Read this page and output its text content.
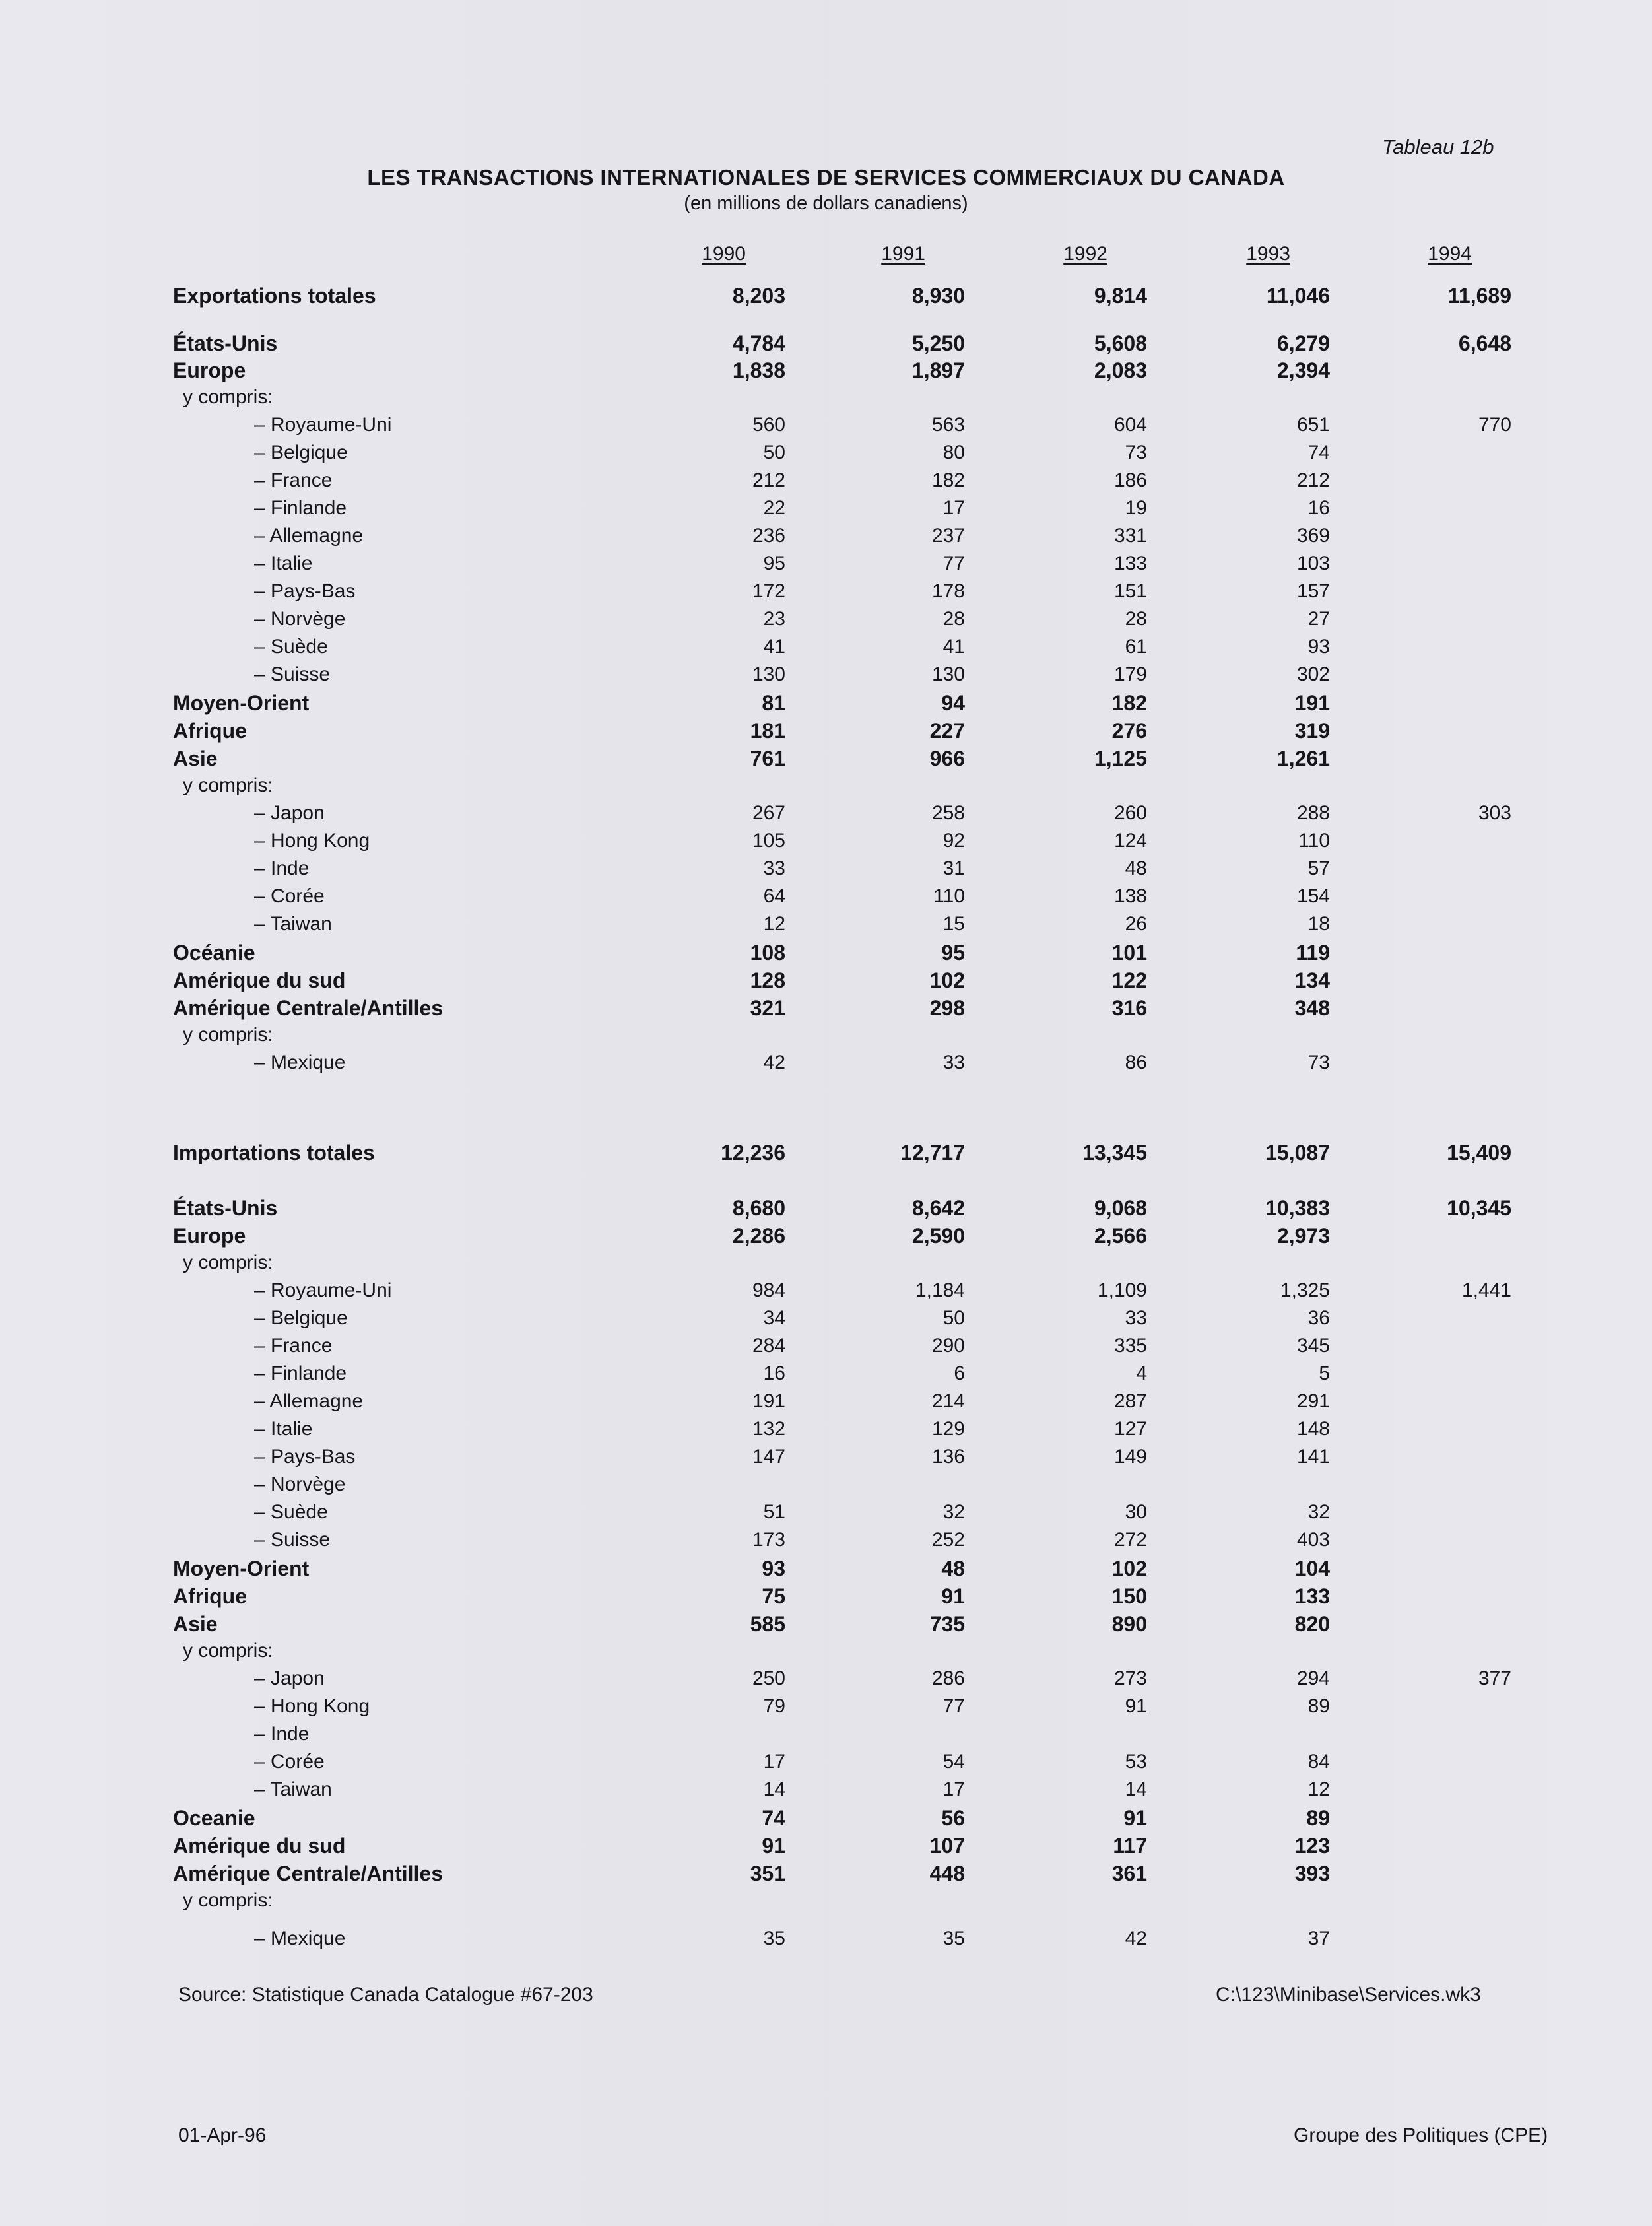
Tableau 12b
LES TRANSACTIONS INTERNATIONALES DE SERVICES COMMERCIAUX DU CANADA
(en millions de dollars canadiens)
1990	1991	1992	1993	1994
Exportations totales	8,203	8,930	9,814	11,046	11,689
États-Unis	4,784	5,250	5,608	6,279	6,648
Europe	1,838	1,897	2,083	2,394
y compris:
– Royaume-Uni	560	563	604	651	770
– Belgique	50	80	73	74
– France	212	182	186	212
– Finlande	22	17	19	16
– Allemagne	236	237	331	369
– Italie	95	77	133	103
– Pays-Bas	172	178	151	157
– Norvège	23	28	28	27
– Suède	41	41	61	93
– Suisse	130	130	179	302
Moyen-Orient	81	94	182	191
Afrique	181	227	276	319
Asie	761	966	1,125	1,261
y compris:
– Japon	267	258	260	288	303
– Hong Kong	105	92	124	110
– Inde	33	31	48	57
– Corée	64	110	138	154
– Taiwan	12	15	26	18
Océanie	108	95	101	119
Amérique du sud	128	102	122	134
Amérique Centrale/Antilles	321	298	316	348
y compris:
– Mexique	42	33	86	73
Importations totales	12,236	12,717	13,345	15,087	15,409
États-Unis	8,680	8,642	9,068	10,383	10,345
Europe	2,286	2,590	2,566	2,973
y compris:
– Royaume-Uni	984	1,184	1,109	1,325	1,441
– Belgique	34	50	33	36
– France	284	290	335	345
– Finlande	16	6	4	5
– Allemagne	191	214	287	291
– Italie	132	129	127	148
– Pays-Bas	147	136	149	141
– Norvège
– Suède	51	32	30	32
– Suisse	173	252	272	403
Moyen-Orient	93	48	102	104
Afrique	75	91	150	133
Asie	585	735	890	820
y compris:
– Japon	250	286	273	294	377
– Hong Kong	79	77	91	89
– Inde
– Corée	17	54	53	84
– Taiwan	14	17	14	12
Oceanie	74	56	91	89
Amérique du sud	91	107	117	123
Amérique Centrale/Antilles	351	448	361	393
y compris:
– Mexique	35	35	42	37
Source: Statistique Canada Catalogue #67-203	C:\123\Minibase\Services.wk3
01-Apr-96	Groupe des Politiques (CPE)
